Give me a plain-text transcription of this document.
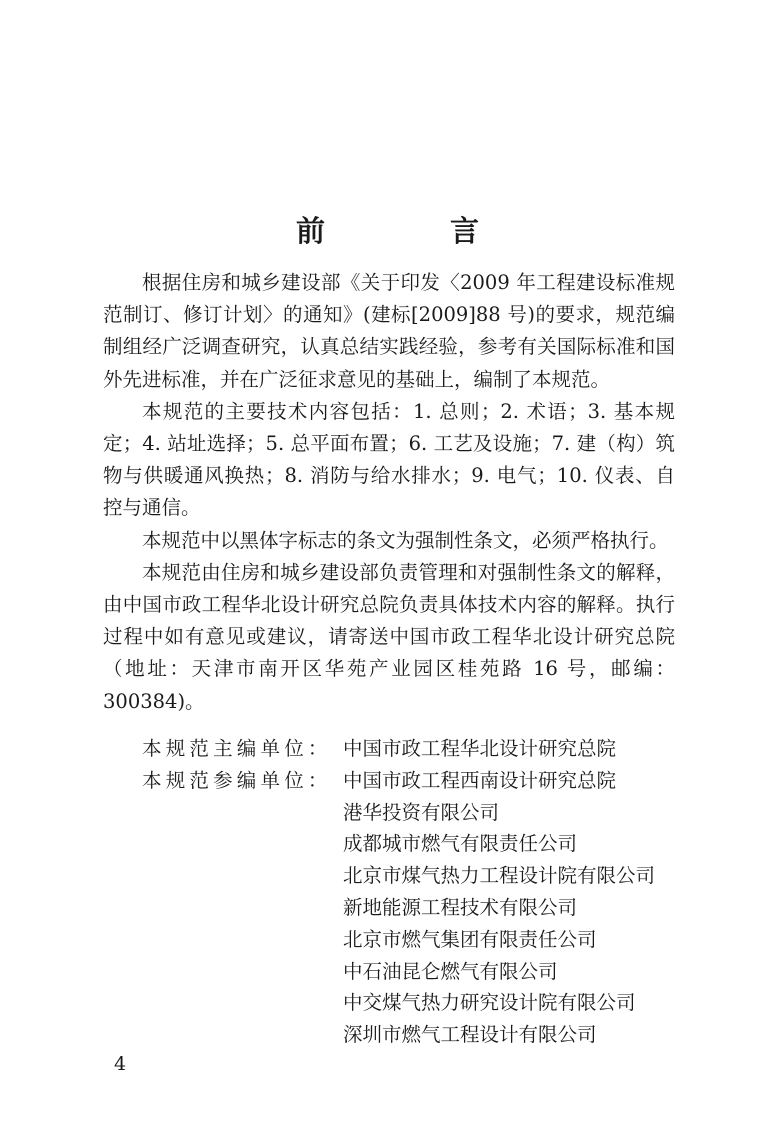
前　言

根据住房和城乡建设部《关于印发〈2009 年工程建设标准规范制订、修订计划〉的通知》(建标[2009]88 号)的要求，规范编制组经广泛调查研究，认真总结实践经验，参考有关国际标准和国外先进标准，并在广泛征求意见的基础上，编制了本规范。

本规范的主要技术内容包括：1. 总则；2. 术语；3. 基本规定；4. 站址选择；5. 总平面布置；6. 工艺及设施；7. 建（构）筑物与供暖通风换热；8. 消防与给水排水；9. 电气；10. 仪表、自控与通信。

本规范中以黑体字标志的条文为强制性条文，必须严格执行。

本规范由住房和城乡建设部负责管理和对强制性条文的解释，由中国市政工程华北设计研究总院负责具体技术内容的解释。执行过程中如有意见或建议，请寄送中国市政工程华北设计研究总院（地址：天津市南开区华苑产业园区桂苑路 16 号，邮编：300384)。

本规范主编单位： 中国市政工程华北设计研究总院
本规范参编单位： 中国市政工程西南设计研究总院
港华投资有限公司
成都城市燃气有限责任公司
北京市煤气热力工程设计院有限公司
新地能源工程技术有限公司
北京市燃气集团有限责任公司
中石油昆仑燃气有限公司
中交煤气热力研究设计院有限公司
深圳市燃气工程设计有限公司
4
